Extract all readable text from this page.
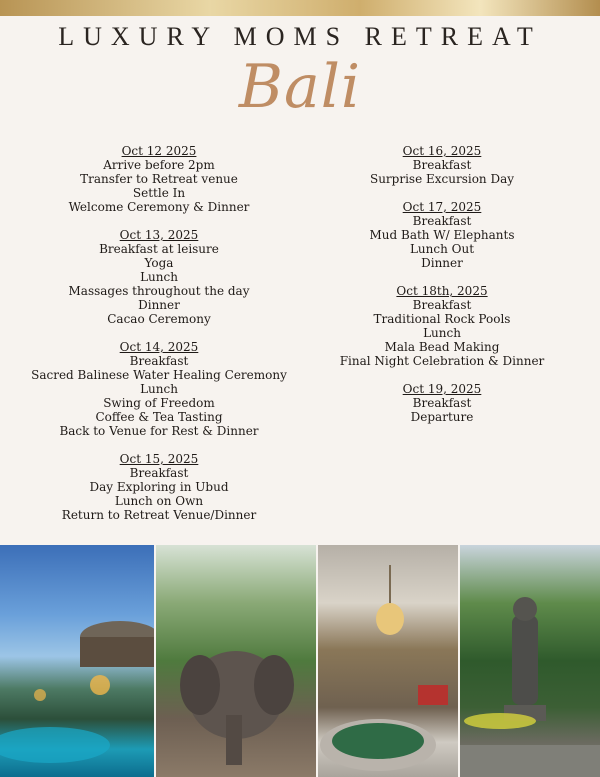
LUXURY MOMS RETREAT
Bali
Oct 12 2025
Arrive before 2pm
Transfer to Retreat venue
Settle In
Welcome Ceremony & Dinner
Oct 13, 2025
Breakfast at leisure
Yoga
Lunch
Massages throughout the day
Dinner
Cacao Ceremony
Oct 14, 2025
Breakfast
Sacred Balinese Water Healing Ceremony
Lunch
Swing of Freedom
Coffee & Tea Tasting
Back to Venue for Rest & Dinner
Oct 15, 2025
Breakfast
Day Exploring in Ubud
Lunch on Own
Return to Retreat Venue/Dinner
Oct 16, 2025
Breakfast
Surprise Excursion Day
Oct 17, 2025
Breakfast
Mud Bath W/ Elephants
Lunch Out
Dinner
Oct 18th, 2025
Breakfast
Traditional Rock Pools
Lunch
Mala Bead Making
Final Night Celebration & Dinner
Oct 19, 2025
Breakfast
Departure
